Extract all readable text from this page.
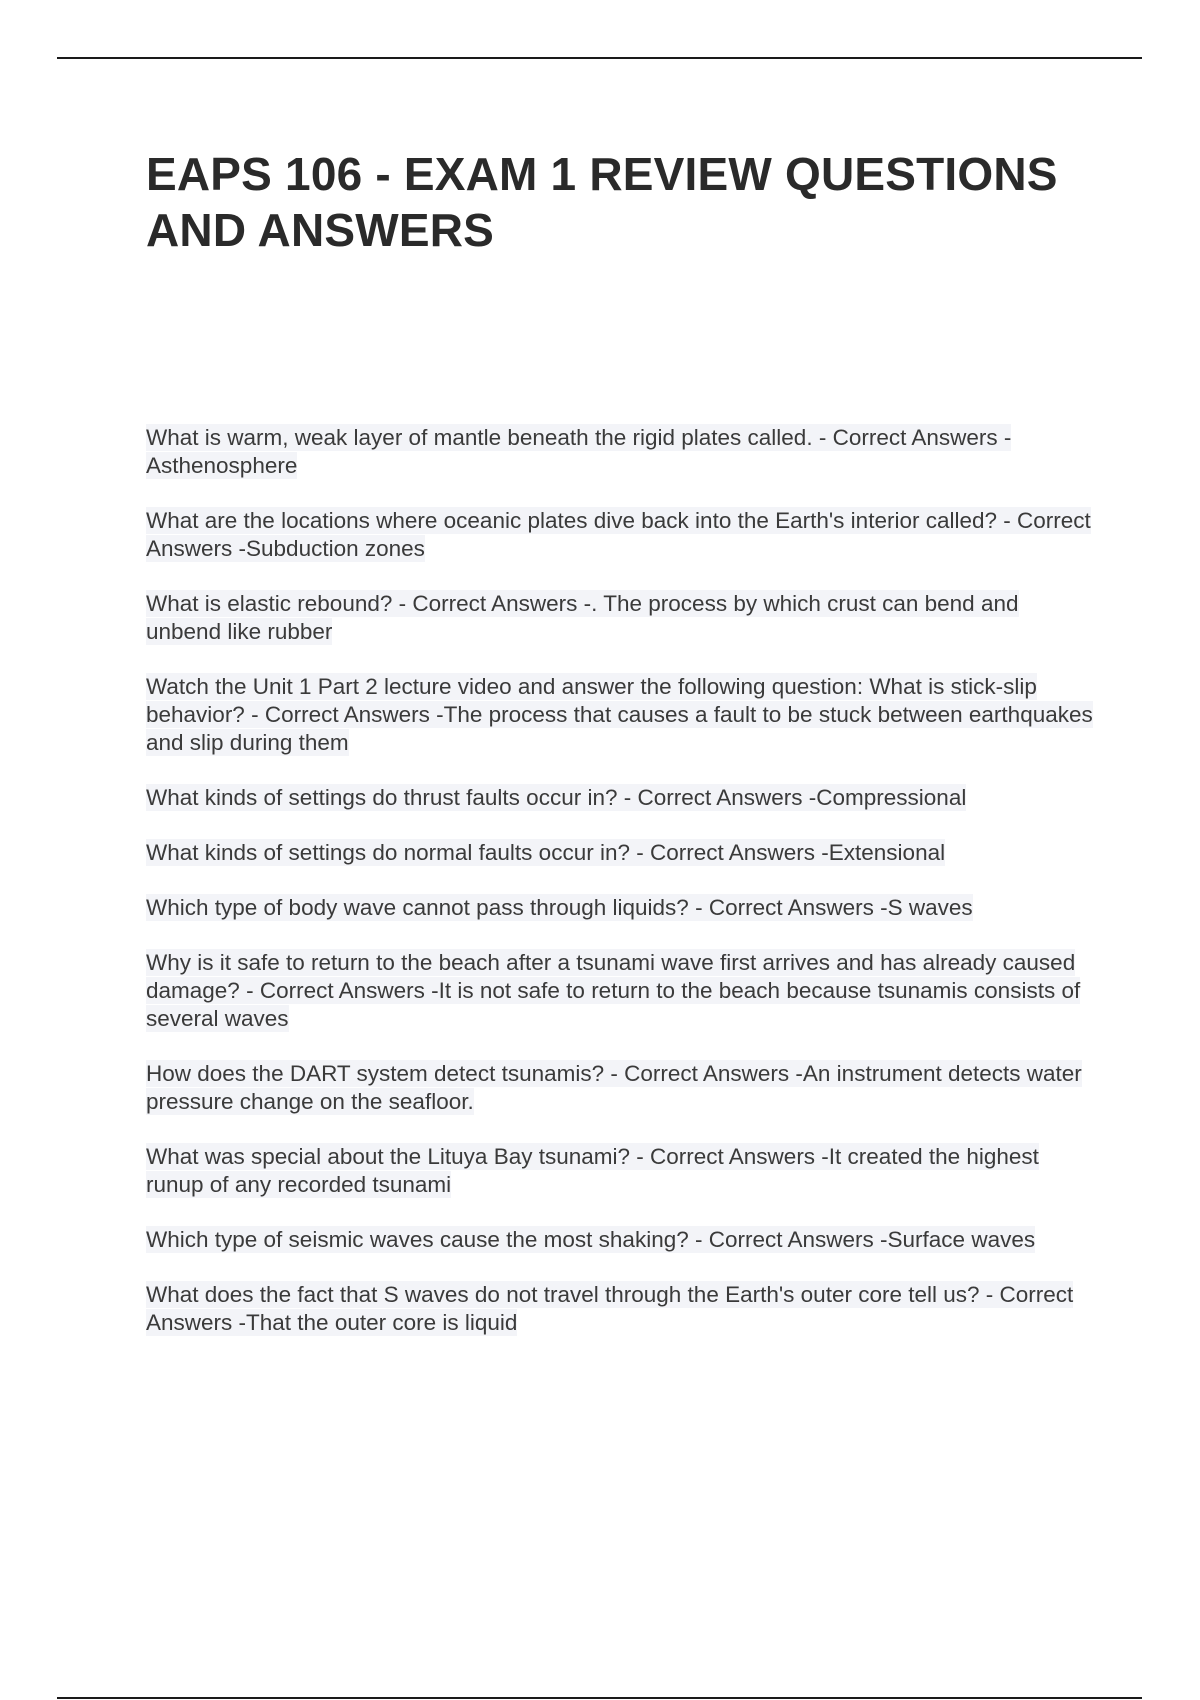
EAPS 106 - EXAM 1 REVIEW QUESTIONS AND ANSWERS
What is warm, weak layer of mantle beneath the rigid plates called. - Correct Answers - Asthenosphere
What are the locations where oceanic plates dive back into the Earth's interior called? - Correct Answers -Subduction zones
What is elastic rebound? - Correct Answers -. The process by which crust can bend and unbend like rubber
Watch the Unit 1 Part 2 lecture video and answer the following question: What is stick-slip behavior? - Correct Answers -The process that causes a fault to be stuck between earthquakes and slip during them
What kinds of settings do thrust faults occur in? - Correct Answers -Compressional
What kinds of settings do normal faults occur in? - Correct Answers -Extensional
Which type of body wave cannot pass through liquids? - Correct Answers -S waves
Why is it safe to return to the beach after a tsunami wave first arrives and has already caused damage? - Correct Answers -It is not safe to return to the beach because tsunamis consists of several waves
How does the DART system detect tsunamis? - Correct Answers -An instrument detects water pressure change on the seafloor.
What was special about the Lituya Bay tsunami? - Correct Answers -It created the highest runup of any recorded tsunami
Which type of seismic waves cause the most shaking? - Correct Answers -Surface waves
What does the fact that S waves do not travel through the Earth's outer core tell us? - Correct Answers -That the outer core is liquid
